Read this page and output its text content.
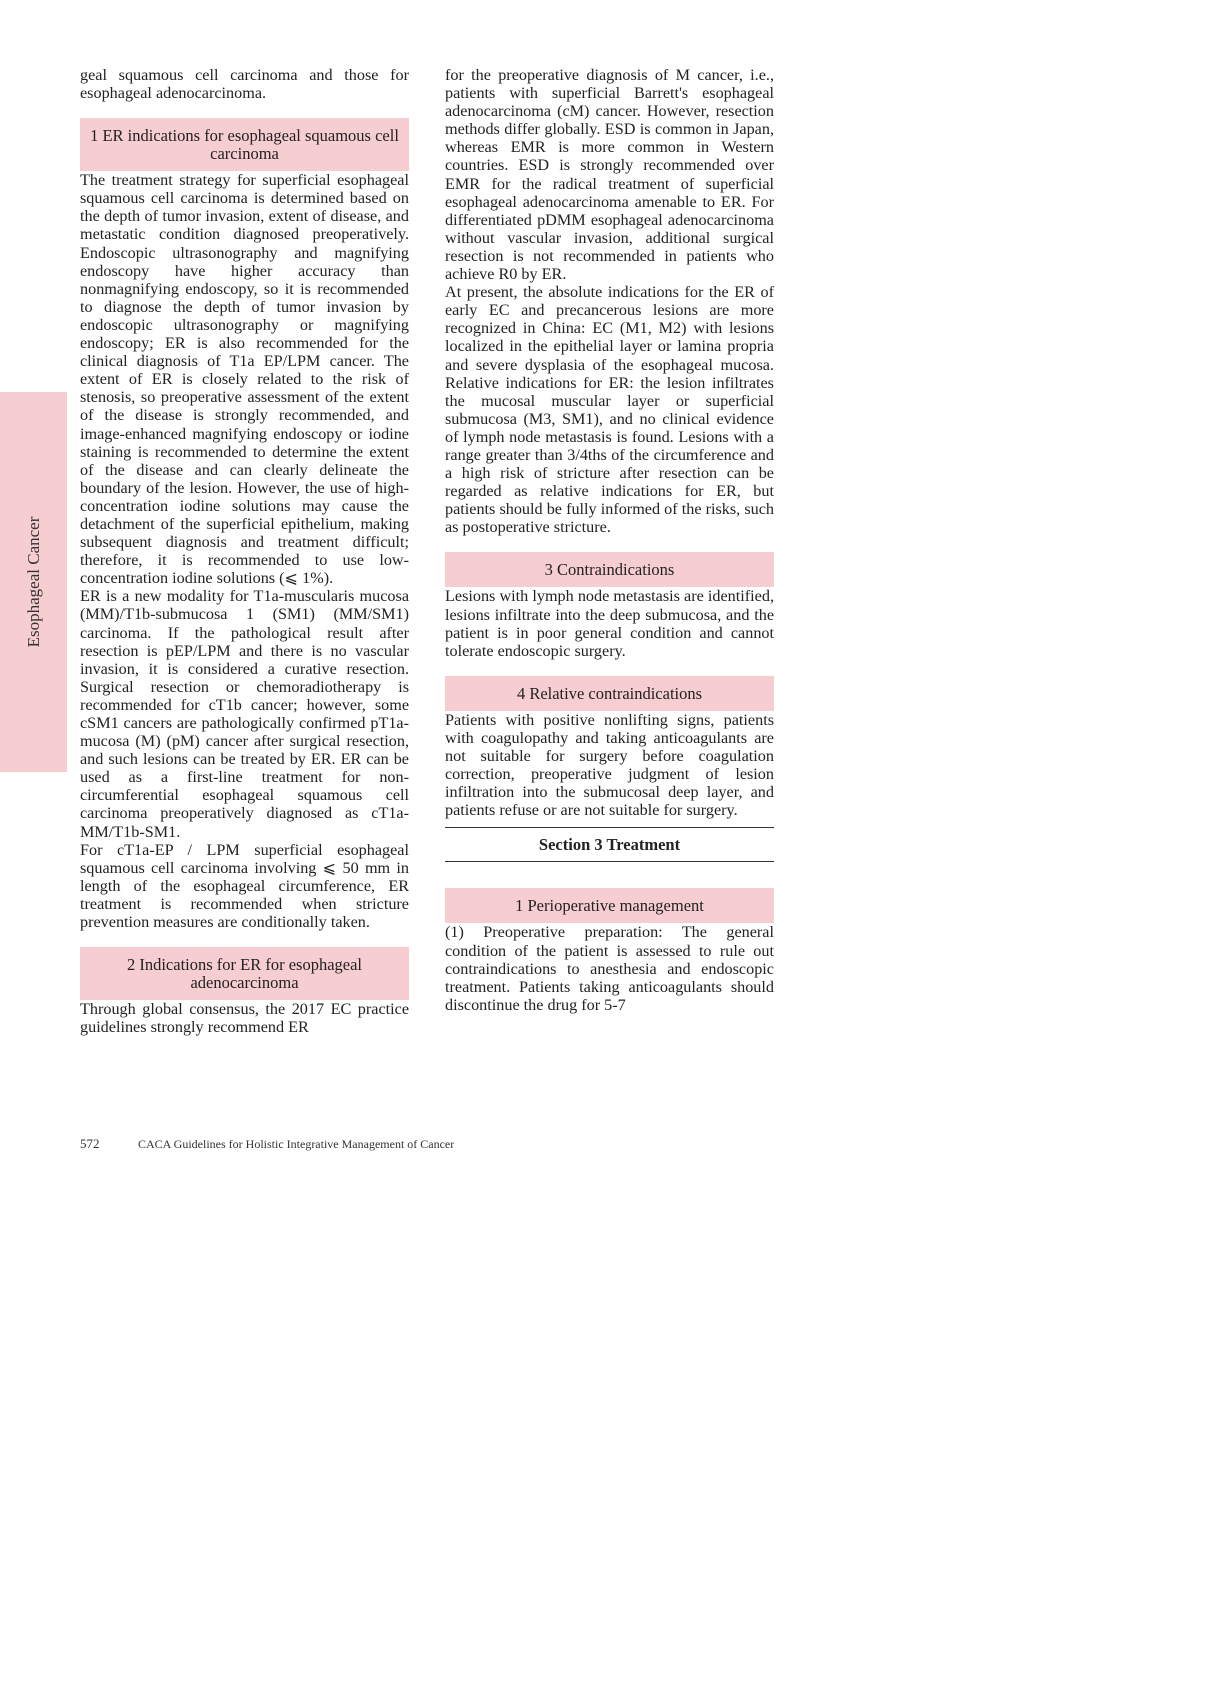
Esophageal Cancer

geal squamous cell carcinoma and those for esophageal adenocarcinoma.

1 ER indications for esophageal squamous cell carcinoma

The treatment strategy for superficial esophageal squamous cell carcinoma is determined based on the depth of tumor invasion, extent of disease, and metastatic condition diagnosed preoperatively. Endoscopic ultrasonography and magnifying endoscopy have higher accuracy than nonmagnifying endoscopy, so it is recommended to diagnose the depth of tumor invasion by endoscopic ultrasonography or magnifying endoscopy; ER is also recommended for the clinical diagnosis of T1a EP/LPM cancer. The extent of ER is closely related to the risk of stenosis, so preoperative assessment of the extent of the disease is strongly recommended, and image-enhanced magnifying endoscopy or iodine staining is recommended to determine the extent of the disease and can clearly delineate the boundary of the lesion. However, the use of high-concentration iodine solutions may cause the detachment of the superficial epithelium, making subsequent diagnosis and treatment difficult; therefore, it is recommended to use low-concentration iodine solutions (⩽ 1%).

ER is a new modality for T1a-muscularis mucosa (MM)/T1b-submucosa 1 (SM1) (MM/SM1) carcinoma. If the pathological result after resection is pEP/LPM and there is no vascular invasion, it is considered a curative resection. Surgical resection or chemoradiotherapy is recommended for cT1b cancer; however, some cSM1 cancers are pathologically confirmed pT1a-mucosa (M) (pM) cancer after surgical resection, and such lesions can be treated by ER. ER can be used as a first-line treatment for non-circumferential esophageal squamous cell carcinoma preoperatively diagnosed as cT1a-MM/T1b-SM1.

For cT1a-EP / LPM superficial esophageal squamous cell carcinoma involving ⩽ 50 mm in length of the esophageal circumference, ER treatment is recommended when stricture prevention measures are conditionally taken.

2 Indications for ER for esophageal adenocarcinoma

Through global consensus, the 2017 EC practice guidelines strongly recommend ER

for the preoperative diagnosis of M cancer, i.e., patients with superficial Barrett's esophageal adenocarcinoma (cM) cancer. However, resection methods differ globally. ESD is common in Japan, whereas EMR is more common in Western countries. ESD is strongly recommended over EMR for the radical treatment of superficial esophageal adenocarcinoma amenable to ER. For differentiated pDMM esophageal adenocarcinoma without vascular invasion, additional surgical resection is not recommended in patients who achieve R0 by ER.

At present, the absolute indications for the ER of early EC and precancerous lesions are more recognized in China: EC (M1, M2) with lesions localized in the epithelial layer or lamina propria and severe dysplasia of the esophageal mucosa. Relative indications for ER: the lesion infiltrates the mucosal muscular layer or superficial submucosa (M3, SM1), and no clinical evidence of lymph node metastasis is found. Lesions with a range greater than 3/4ths of the circumference and a high risk of stricture after resection can be regarded as relative indications for ER, but patients should be fully informed of the risks, such as postoperative stricture.

3 Contraindications

Lesions with lymph node metastasis are identified, lesions infiltrate into the deep submucosa, and the patient is in poor general condition and cannot tolerate endoscopic surgery.

4 Relative contraindications

Patients with positive nonlifting signs, patients with coagulopathy and taking anticoagulants are not suitable for surgery before coagulation correction, preoperative judgment of lesion infiltration into the submucosal deep layer, and patients refuse or are not suitable for surgery.

Section 3 Treatment
1 Perioperative management

(1) Preoperative preparation: The general condition of the patient is assessed to rule out contraindications to anesthesia and endoscopic treatment. Patients taking anticoagulants should discontinue the drug for 5-7

572	CACA Guidelines for Holistic Integrative Management of Cancer
